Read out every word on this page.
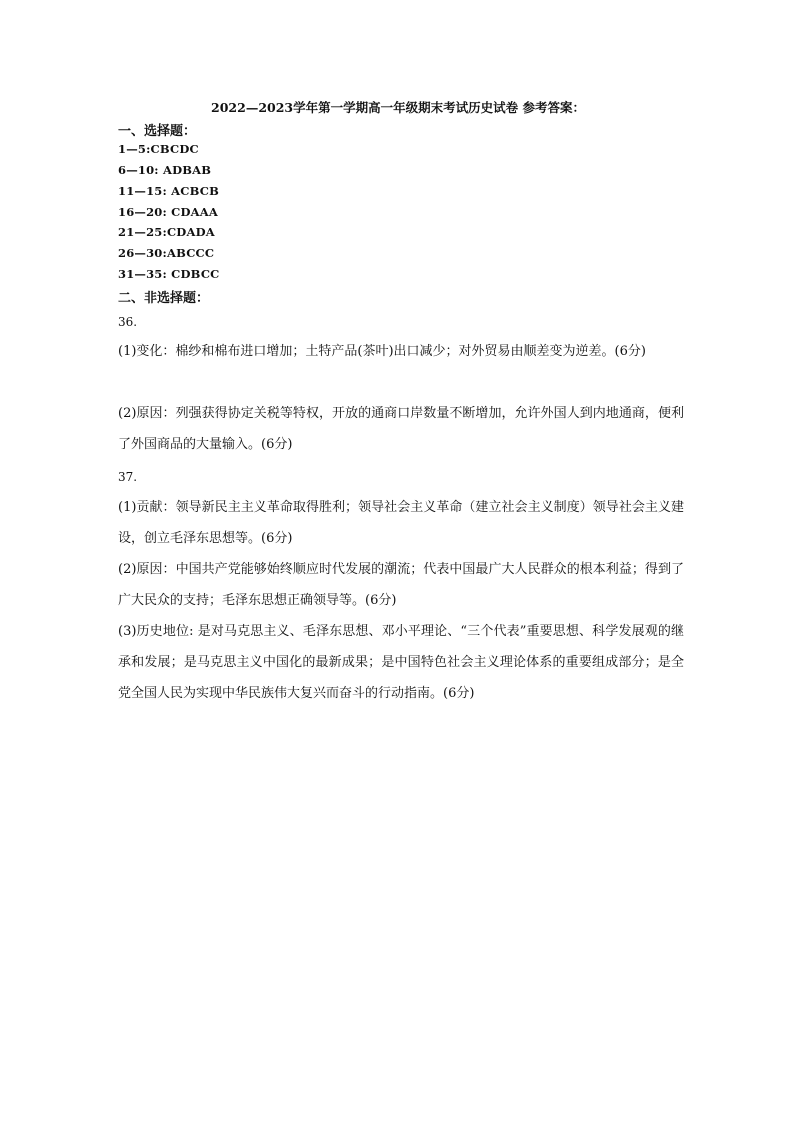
2022—2023学年第一学期高一年级期末考试历史试卷 参考答案：
一、选择题：
1—5:CBCDC
6—10: ADBAB
11—15: ACBCB
16—20: CDAAA
21—25:CDADA
26—30:ABCCC
31—35: CDBCC
二、非选择题：
36.
(1)变化：棉纱和棉布进口增加；土特产品(茶叶)出口减少；对外贸易由顺差变为逆差。(6分)
(2)原因：列强获得协定关税等特权，开放的通商口岸数量不断增加，允许外国人到内地通商，便利了外国商品的大量输入。(6分)
37.
(1)贡献：领导新民主主义革命取得胜利；领导社会主义革命（建立社会主义制度）领导社会主义建设，创立毛泽东思想等。(6分)
(2)原因：中国共产党能够始终顺应时代发展的潮流；代表中国最广大人民群众的根本利益；得到了广大民众的支持；毛泽东思想正确领导等。(6分)
(3)历史地位: 是对马克思主义、毛泽东思想、邓小平理论、“三个代表”重要思想、科学发展观的继承和发展；是马克思主义中国化的最新成果；是中国特色社会主义理论体系的重要组成部分；是全党全国人民为实现中华民族伟大复兴而奋斗的行动指南。(6分)
